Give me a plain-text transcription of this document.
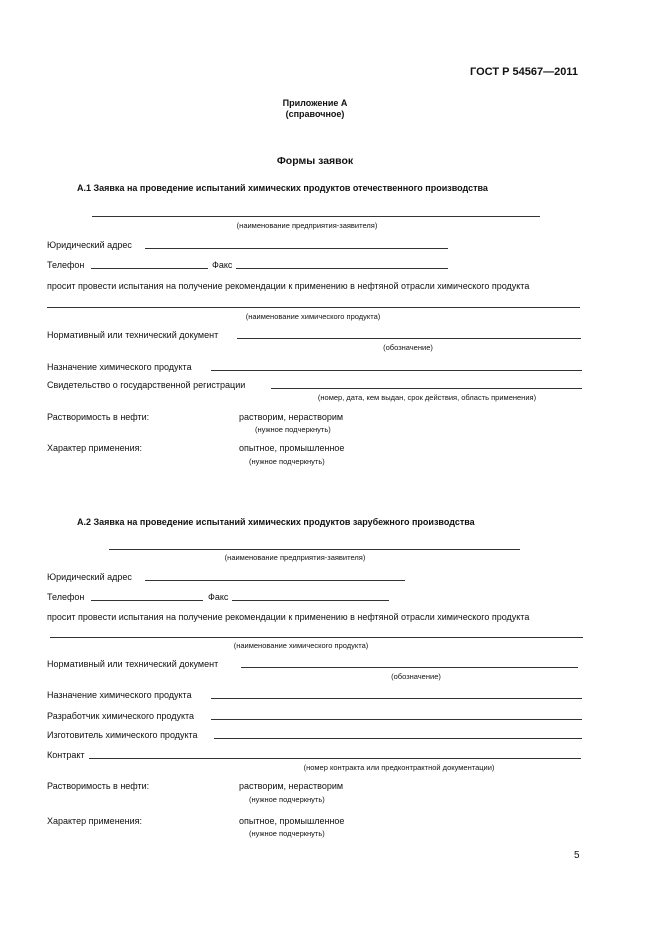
ГОСТ Р 54567—2011
Приложение А
(справочное)
Формы заявок
А.1 Заявка на проведение испытаний химических продуктов отечественного производства
(наименование предприятия-заявителя)
Юридический адрес
Телефон	Факс
просит провести испытания на получение рекомендации к применению в нефтяной отрасли химического продукта
(наименование химического продукта)
Нормативный или технический документ
(обозначение)
Назначение химического продукта
Свидетельство о государственной регистрации
(номер, дата, кем выдан, срок действия, область применения)
Растворимость в нефти:	растворим, нерастворим
(нужное подчеркнуть)
Характер применения:	опытное, промышленное
(нужное подчеркнуть)
А.2 Заявка на проведение испытаний химических продуктов зарубежного производства
(наименование предприятия-заявителя)
Юридический адрес
Телефон	Факс
просит провести испытания на получение рекомендации к применению в нефтяной отрасли химического продукта
(наименование химического продукта)
Нормативный или технический документ
(обозначение)
Назначение химического продукта
Разработчик химического продукта
Изготовитель химического продукта
Контракт
(номер контракта или предконтрактной документации)
Растворимость в нефти:	растворим, нерастворим
(нужное подчеркнуть)
Характер применения:	опытное, промышленное
(нужное подчеркнуть)
5
